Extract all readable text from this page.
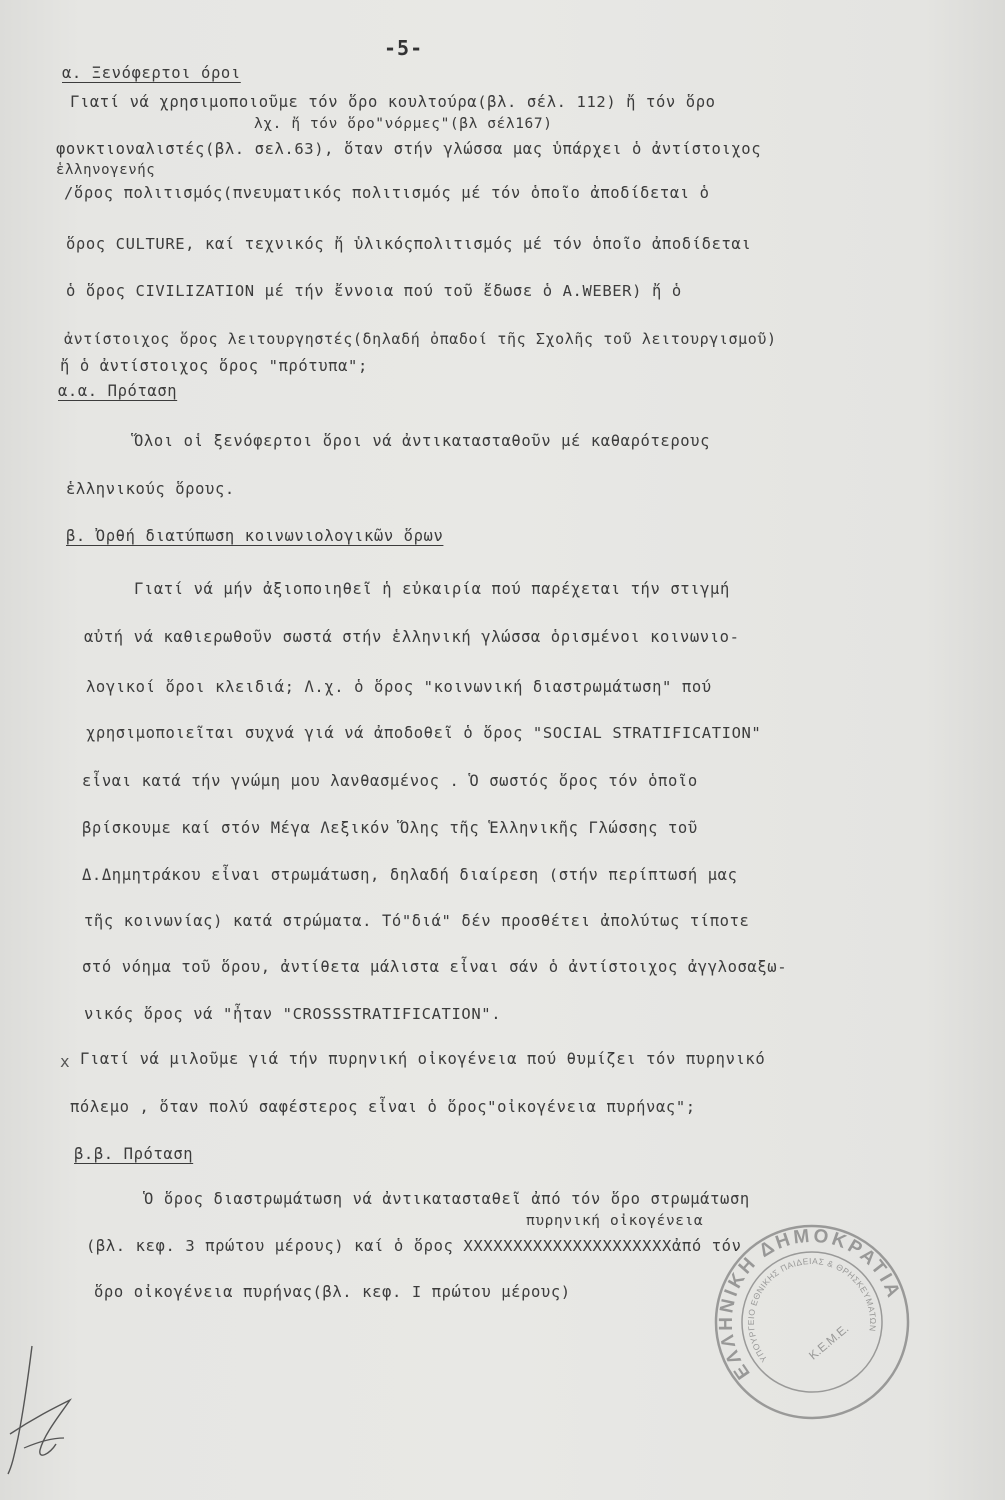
-5-
α. Ξενόφερτοι όροι
Γιατί νά χρησιμοποιοῦμε τόν ὅρο κουλτούρα(βλ. σέλ. 112) ἤ τόν ὅρο
λχ. ἤ τόν ὅρο"νόρμες"(βλ σέλ167)
φονκτιοναλιστές(βλ. σελ.63), ὅταν στήν γλώσσα μας ὑπάρχει ὁ ἀντίστοιχος
ἑλληνογενής
/ὅρος πολιτισμός(πνευματικός πολιτισμός μέ τόν ὁποῖο ἀποδίδεται ὁ
ὅρος CULTURE, καί τεχνικός ἤ ὑλικόςπολιτισμός μέ τόν ὁποῖο ἀποδίδεται
ὁ ὅρος CIVILIZATION μέ τήν ἔννοια πού τοῦ ἔδωσε ὁ A.WEBER) ἤ ὁ
ἀντίστοιχος ὅρος λειτουργηστές(δηλαδή ὀπαδοί τῆς Σχολῆς τοῦ λειτουργισμοῦ)
ἤ ὁ ἀντίστοιχος ὅρος "πρότυπα";
α.α. Πρόταση
Ὅλοι οἱ ξενόφερτοι ὅροι νά ἀντικατασταθοῦν μέ καθαρότερους
ἑλληνικούς ὅρους.
β. Ὀρθή διατύπωση κοινωνιολογικῶν ὅρων
Γιατί νά μήν ἀξιοποιηθεῖ ἡ εὐκαιρία πού παρέχεται τήν στιγμή
αὐτή νά καθιερωθοῦν σωστά στήν ἑλληνική γλώσσα ὁρισμένοι κοινωνιο-
λογικοί ὅροι κλειδιά; Λ.χ. ὁ ὅρος "κοινωνική διαστρωμάτωση" πού
χρησιμοποιεῖται συχνά γιά νά ἀποδοθεῖ ὁ ὅρος "SOCIAL STRATIFICATION"
εἶναι κατά τήν γνώμη μου λανθασμένος . Ὁ σωστός ὅρος τόν ὁποῖο
βρίσκουμε καί στόν Μέγα Λεξικόν Ὅλης τῆς Ἑλληνικῆς Γλώσσης τοῦ
Δ.Δημητράκου εἶναι στρωμάτωση, δηλαδή διαίρεση (στήν περίπτωσή μας
τῆς κοινωνίας) κατά στρώματα. Τό"διά" δέν προσθέτει ἀπολύτως τίποτε
στό νόημα τοῦ ὅρου, ἀντίθετα μάλιστα εἶναι σάν ὁ ἀντίστοιχος ἀγγλοσαξω-
νικός ὅρος νά "ἦταν "CROSSSTRATIFICATION".
x Γιατί νά μιλοῦμε γιά τήν πυρηνική οἰκογένεια πού θυμίζει τόν πυρηνικό
πόλεμο , ὅταν πολύ σαφέστερος εἶναι ὁ ὅρος"οἰκογένεια πυρήνας";
β.β. Πρόταση
Ὁ ὅρος διαστρωμάτωση νά ἀντικατασταθεῖ ἀπό τόν ὅρο στρωμάτωση
πυρηνική οἰκογένεια
(βλ. κεφ. 3 πρώτου μέρους) καί ὁ ὅρος XXXXXXXXXXXXXXXXXXXXXἀπό τόν
ὅρο οἰκογένεια πυρήνας(βλ. κεφ. I πρώτου μέρους)
ΕΛΛΗΝΙΚΗ ΔΗΜΟΚΡΑΤΙΑ
ΥΠΟΥΡΓΕΙΟ ΕΘΝΙΚΗΣ ΠΑΙΔΕΙΑΣ & ΘΡΗΣΚΕΥΜΑΤΩΝ
Κ.Ε.Μ.Ε.
